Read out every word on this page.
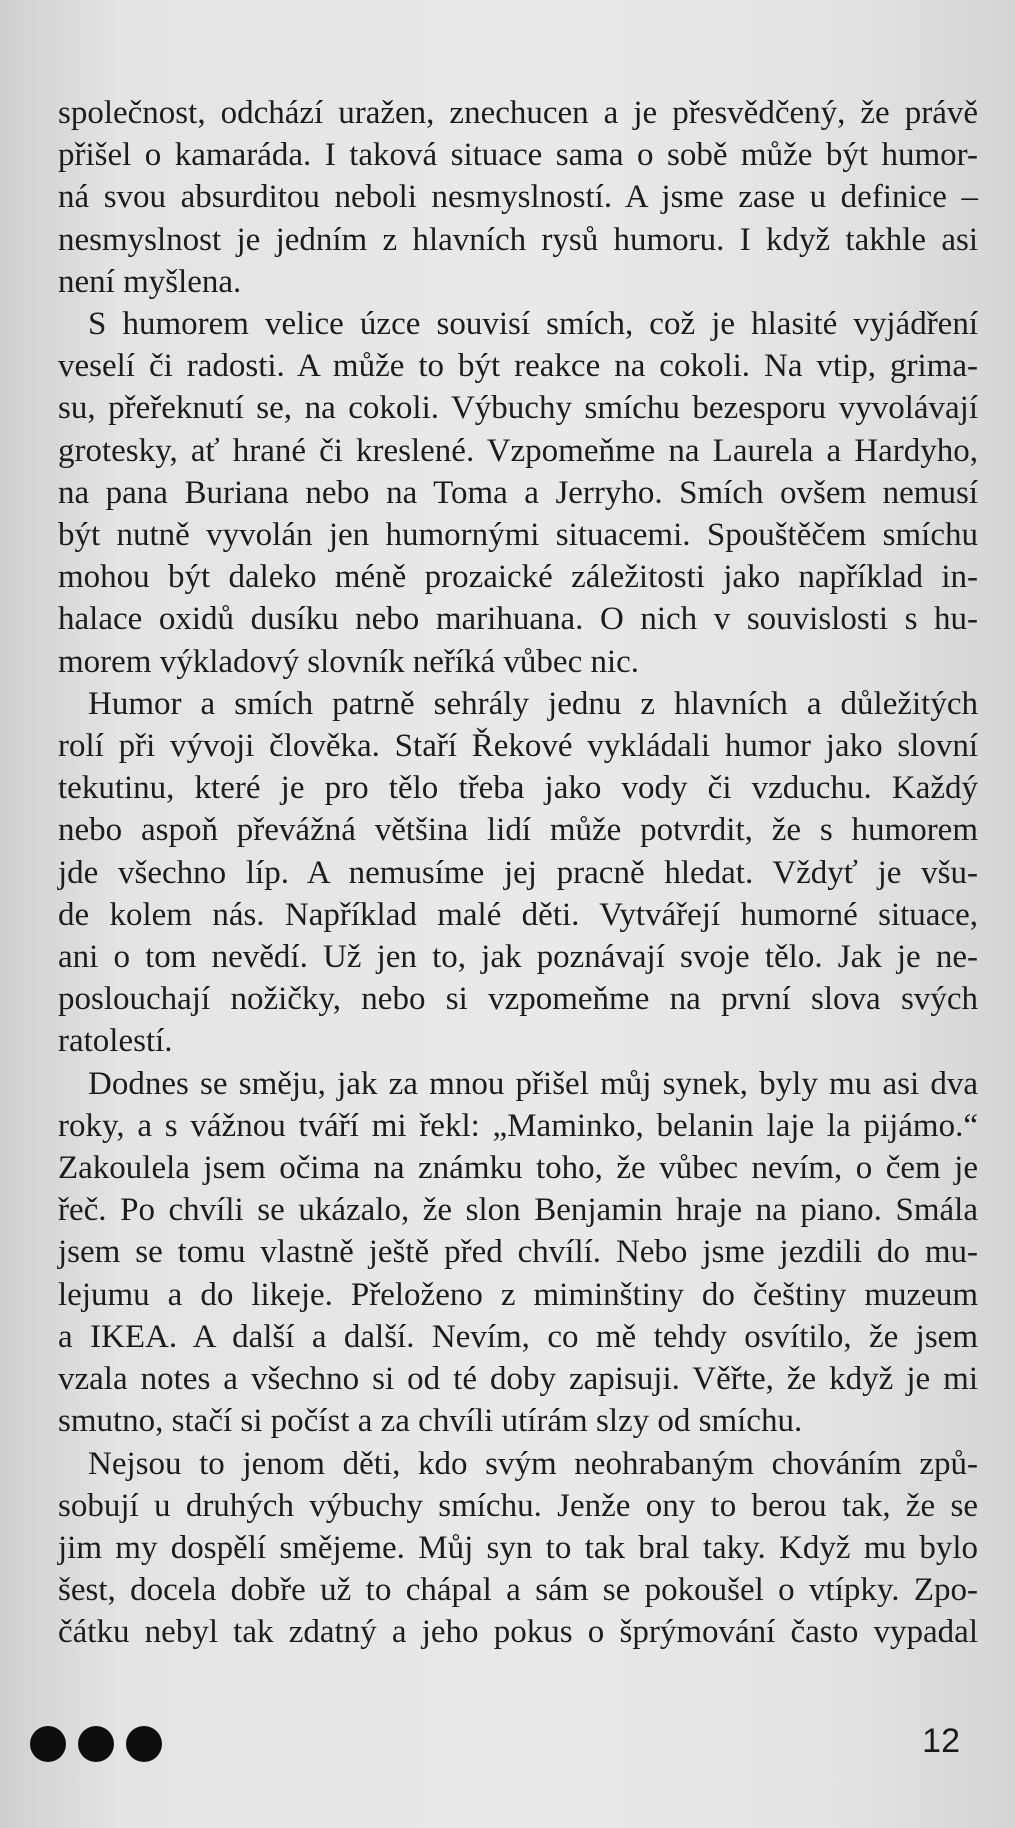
společnost, odchází uražen, znechucen a je přesvědčený, že právě
přišel o kamaráda. I taková situace sama o sobě může být humor-
ná svou absurditou neboli nesmyslností. A jsme zase u definice –
nesmyslnost je jedním z hlavních rysů humoru. I když takhle asi
není myšlena.
S humorem velice úzce souvisí smích, což je hlasité vyjádření
veselí či radosti. A může to být reakce na cokoli. Na vtip, grima-
su, přeřeknutí se, na cokoli. Výbuchy smíchu bezesporu vyvolávají
grotesky, ať hrané či kreslené. Vzpomeňme na Laurela a Hardyho,
na pana Buriana nebo na Toma a Jerryho. Smích ovšem nemusí
být nutně vyvolán jen humornými situacemi. Spouštěčem smíchu
mohou být daleko méně prozaické záležitosti jako například in-
halace oxidů dusíku nebo marihuana. O nich v souvislosti s hu-
morem výkladový slovník neříká vůbec nic.
Humor a smích patrně sehrály jednu z hlavních a důležitých
rolí při vývoji člověka. Staří Řekové vykládali humor jako slovní
tekutinu, které je pro tělo třeba jako vody či vzduchu. Každý
nebo aspoň převážná většina lidí může potvrdit, že s humorem
jde všechno líp. A nemusíme jej pracně hledat. Vždyť je všu-
de kolem nás. Například malé děti. Vytvářejí humorné situace,
ani o tom nevědí. Už jen to, jak poznávají svoje tělo. Jak je ne-
poslouchají nožičky, nebo si vzpomeňme na první slova svých
ratolestí.
Dodnes se směju, jak za mnou přišel můj synek, byly mu asi dva
roky, a s vážnou tváří mi řekl: „Maminko, belanin laje la pijámo.“
Zakoulela jsem očima na známku toho, že vůbec nevím, o čem je
řeč. Po chvíli se ukázalo, že slon Benjamin hraje na piano. Smála
jsem se tomu vlastně ještě před chvílí. Nebo jsme jezdili do mu-
lejumu a do likeje. Přeloženo z miminštiny do češtiny muzeum
a IKEA. A další a další. Nevím, co mě tehdy osvítilo, že jsem
vzala notes a všechno si od té doby zapisuji. Věřte, že když je mi
smutno, stačí si počíst a za chvíli utírám slzy od smíchu.
Nejsou to jenom děti, kdo svým neohrabaným chováním způ-
sobují u druhých výbuchy smíchu. Jenže ony to berou tak, že se
jim my dospělí smějeme. Můj syn to tak bral taky. Když mu bylo
šest, docela dobře už to chápal a sám se pokoušel o vtípky. Zpo-
čátku nebyl tak zdatný a jeho pokus o šprýmování často vypadal
12
